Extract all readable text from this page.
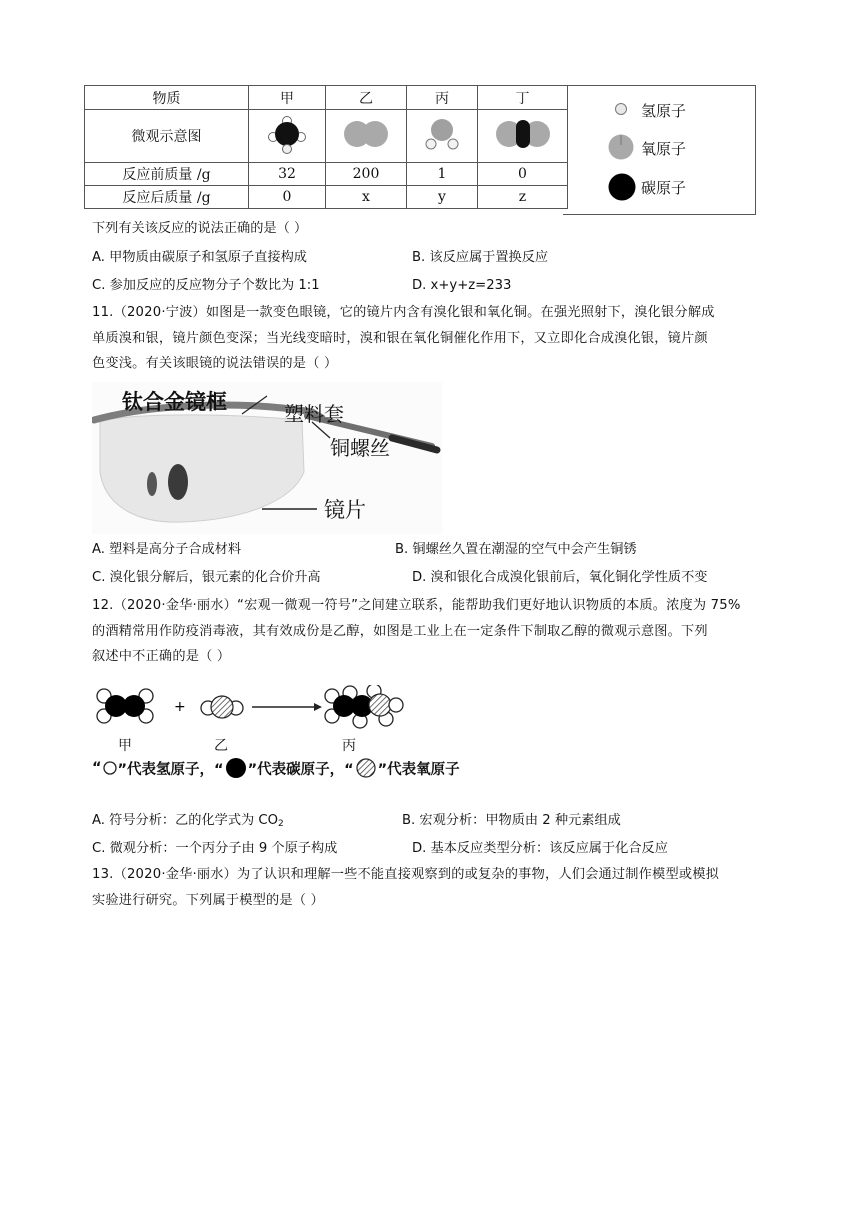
物质	甲	乙	丙	丁
微观示意图				
反应前质量 /g	32	200	1	0
反应后质量 /g	0	x	y	z
氢原子
氧原子
碳原子
下列有关该反应的说法正确的是（ ）
A. 甲物质由碳原子和氢原子直接构成	B. 该反应属于置换反应
C. 参加反应的反应物分子个数比为 1:1	D. x+y+z=233
11.（2020·宁波）如图是一款变色眼镜，它的镜片内含有溴化银和氧化铜。在强光照射下，溴化银分解成
单质溴和银，镜片颜色变深；当光线变暗时，溴和银在氧化铜催化作用下，又立即化合成溴化银，镜片颜
色变浅。有关该眼镜的说法错误的是（ ）
钛合金镜框	塑料套
铜螺丝
镜片
A. 塑料是高分子合成材料	B. 铜螺丝久置在潮湿的空气中会产生铜锈
C. 溴化银分解后，银元素的化合价升高	D. 溴和银化合成溴化银前后，氧化铜化学性质不变
12.（2020·金华·丽水）“宏观一微观一符号”之间建立联系，能帮助我们更好地认识物质的本质。浓度为 75%
的酒精常用作防疫消毒液，其有效成份是乙醇，如图是工业上在一定条件下制取乙醇的微观示意图。下列
叙述中不正确的是（ ）
+
甲	乙	丙
“ ”代表氢原子，“ ”代表碳原子，“ ”代表氧原子
A. 符号分析：乙的化学式为 $CO_2$	B. 宏观分析：甲物质由 2 种元素组成
C. 微观分析：一个丙分子由 9 个原子构成	D. 基本反应类型分析：该反应属于化合反应
13.（2020·金华·丽水）为了认识和理解一些不能直接观察到的或复杂的事物，人们会通过制作模型或模拟
实验进行研究。下列属于模型的是（ ）
